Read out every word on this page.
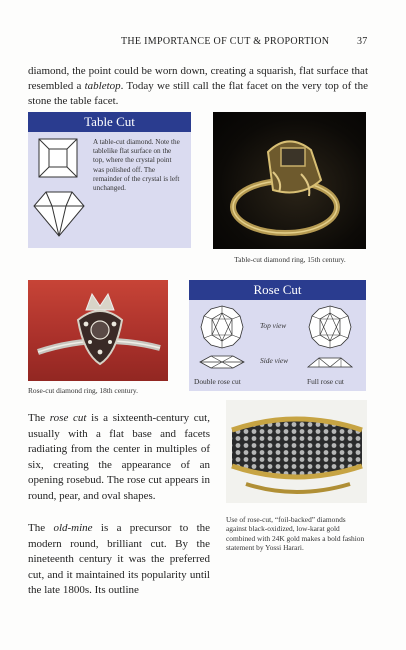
THE IMPORTANCE OF CUT & PROPORTION	37

diamond, the point could be worn down, creating a squarish, flat surface that resembled a tabletop. Today we still call the flat facet on the very top of the stone the table facet.

Table Cut
A table-cut diamond. Note the tablelike flat surface on the top, where the crystal point was polished off. The remainder of the crystal is left unchanged.
Table-cut diamond ring, 15th century.
Rose-cut diamond ring, 18th century.
Rose Cut
Top view
Side view
Double rose cut	Full rose cut

The rose cut is a sixteenth-century cut, usually with a flat base and facets radiating from the center in multiples of six, creating the appearance of an opening rosebud. The rose cut appears in round, pear, and oval shapes.

Use of rose-cut, “foil-backed” diamonds against black-oxidized, low-karat gold combined with 24K gold makes a bold fashion statement by Yossi Harari.

The old-mine is a precursor to the modern round, brilliant cut. By the nineteenth century it was the preferred cut, and it maintained its popularity until the late 1800s. Its outline
